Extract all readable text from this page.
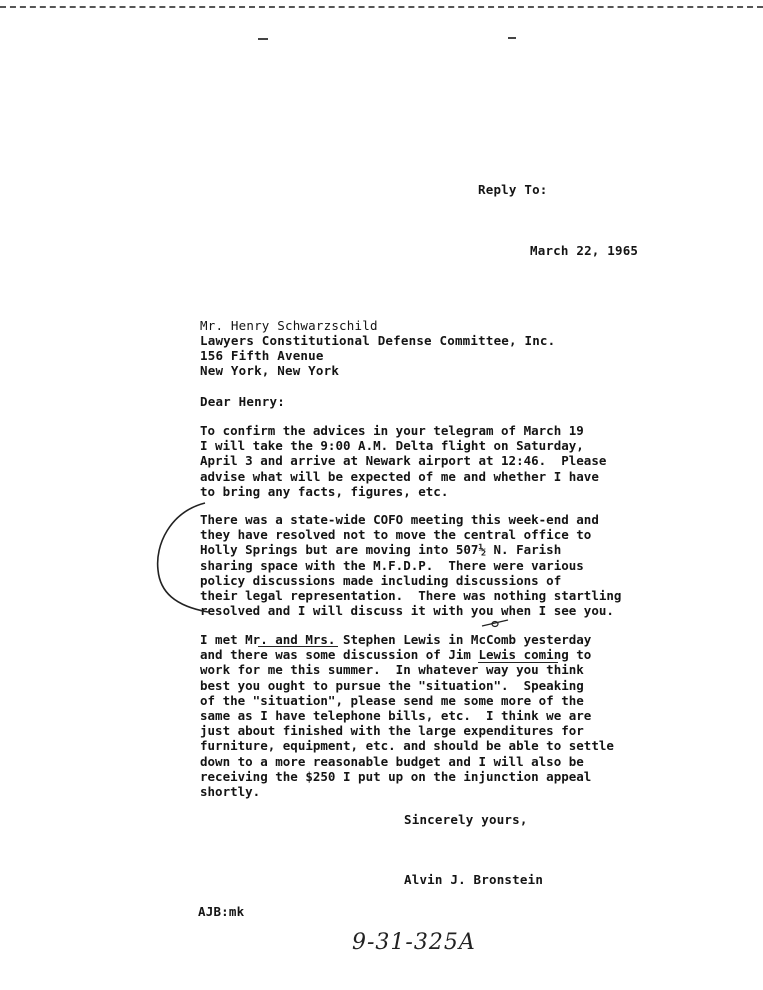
Reply To:
March 22, 1965
Mr. Henry Schwarzschild
Lawyers Constitutional Defense Committee, Inc.
156 Fifth Avenue
New York, New York
Dear Henry:
To confirm the advices in your telegram of March 19
I will take the 9:00 A.M. Delta flight on Saturday,
April 3 and arrive at Newark airport at 12:46.  Please
advise what will be expected of me and whether I have
to bring any facts, figures, etc.
There was a state-wide COFO meeting this week-end and
they have resolved not to move the central office to
Holly Springs but are moving into 507½ N. Farish
sharing space with the M.F.D.P.  There were various
policy discussions made including discussions of
their legal representation.  There was nothing startling
resolved and I will discuss it with you when I see you.
I met Mr. and Mrs. Stephen Lewis in McComb yesterday
and there was some discussion of Jim Lewis coming to
work for me this summer.  In whatever way you think
best you ought to pursue the "situation".  Speaking
of the "situation", please send me some more of the
same as I have telephone bills, etc.  I think we are
just about finished with the large expenditures for
furniture, equipment, etc. and should be able to settle
down to a more reasonable budget and I will also be
receiving the $250 I put up on the injunction appeal
shortly.
Sincerely yours,
Alvin J. Bronstein
AJB:mk
9-31-325A
